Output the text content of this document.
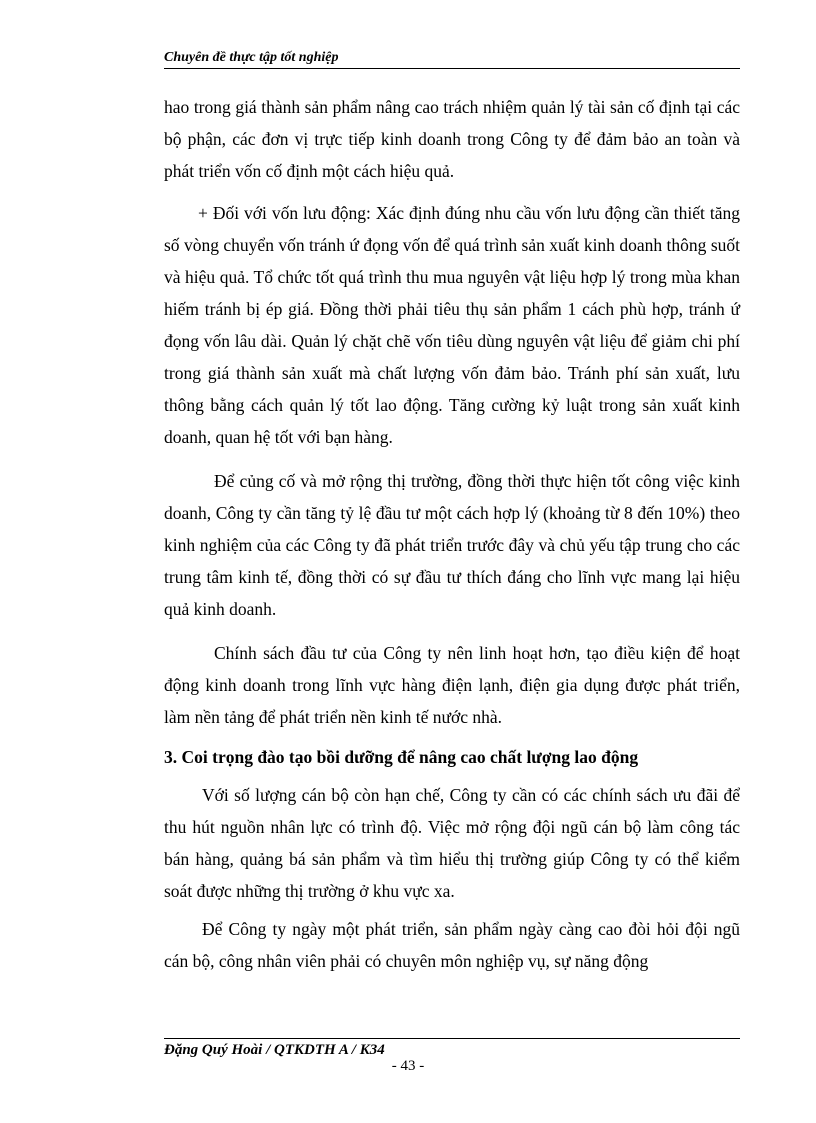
Chuyên đề thực tập tốt nghiệp

hao trong giá thành sản phẩm nâng cao trách nhiệm quản lý tài sản cố định tại các bộ phận, các đơn vị trực tiếp kinh doanh trong Công ty để đảm bảo an toàn và phát triển vốn cố định một cách hiệu quả.

+ Đối với vốn lưu động: Xác định đúng nhu cầu vốn lưu động cần thiết tăng số vòng chuyển vốn tránh ứ đọng vốn để quá trình sản xuất kinh doanh thông suốt và hiệu quả. Tổ chức tốt quá trình thu mua nguyên vật liệu hợp lý trong mùa khan hiếm tránh bị ép giá. Đồng thời phải tiêu thụ sản phẩm 1 cách phù hợp, tránh ứ đọng vốn lâu dài. Quản lý chặt chẽ vốn tiêu dùng nguyên vật liệu để giảm chi phí trong giá thành sản xuất mà chất lượng vốn đảm bảo. Tránh phí sản xuất, lưu thông bằng cách quản lý tốt lao động. Tăng cường kỷ luật trong sản xuất kinh doanh, quan hệ tốt với bạn hàng.

Để củng cố và mở rộng thị trường, đồng thời thực hiện tốt công việc kinh doanh, Công ty cần tăng tỷ lệ đầu tư một cách hợp lý (khoảng từ 8 đến 10%) theo kinh nghiệm của các Công ty đã phát triển trước đây và chủ yếu tập trung cho các trung tâm kinh tế, đồng thời có sự đầu tư thích đáng cho lĩnh vực mang lại hiệu quả kinh doanh.

Chính sách đầu tư của Công ty nên linh hoạt hơn, tạo điều kiện để hoạt động kinh doanh trong lĩnh vực hàng điện lạnh, điện gia dụng được phát triển, làm nền tảng để phát triển nền kinh tế nước nhà.

3. Coi trọng đào tạo bồi dưỡng để nâng cao chất lượng lao động

Với số lượng cán bộ còn hạn chế, Công ty cần có các chính sách ưu đãi để thu hút nguồn nhân lực có trình độ. Việc mở rộng đội ngũ cán bộ làm công tác bán hàng, quảng bá sản phẩm và tìm hiểu thị trường giúp Công ty có thể kiểm soát được những thị trường ở khu vực xa.

Để Công ty ngày một phát triển, sản phẩm ngày càng cao đòi hỏi đội ngũ cán bộ, công nhân viên phải có chuyên môn nghiệp vụ, sự năng động

Đặng Quý Hoài / QTKDTH A / K34
- 43 -
